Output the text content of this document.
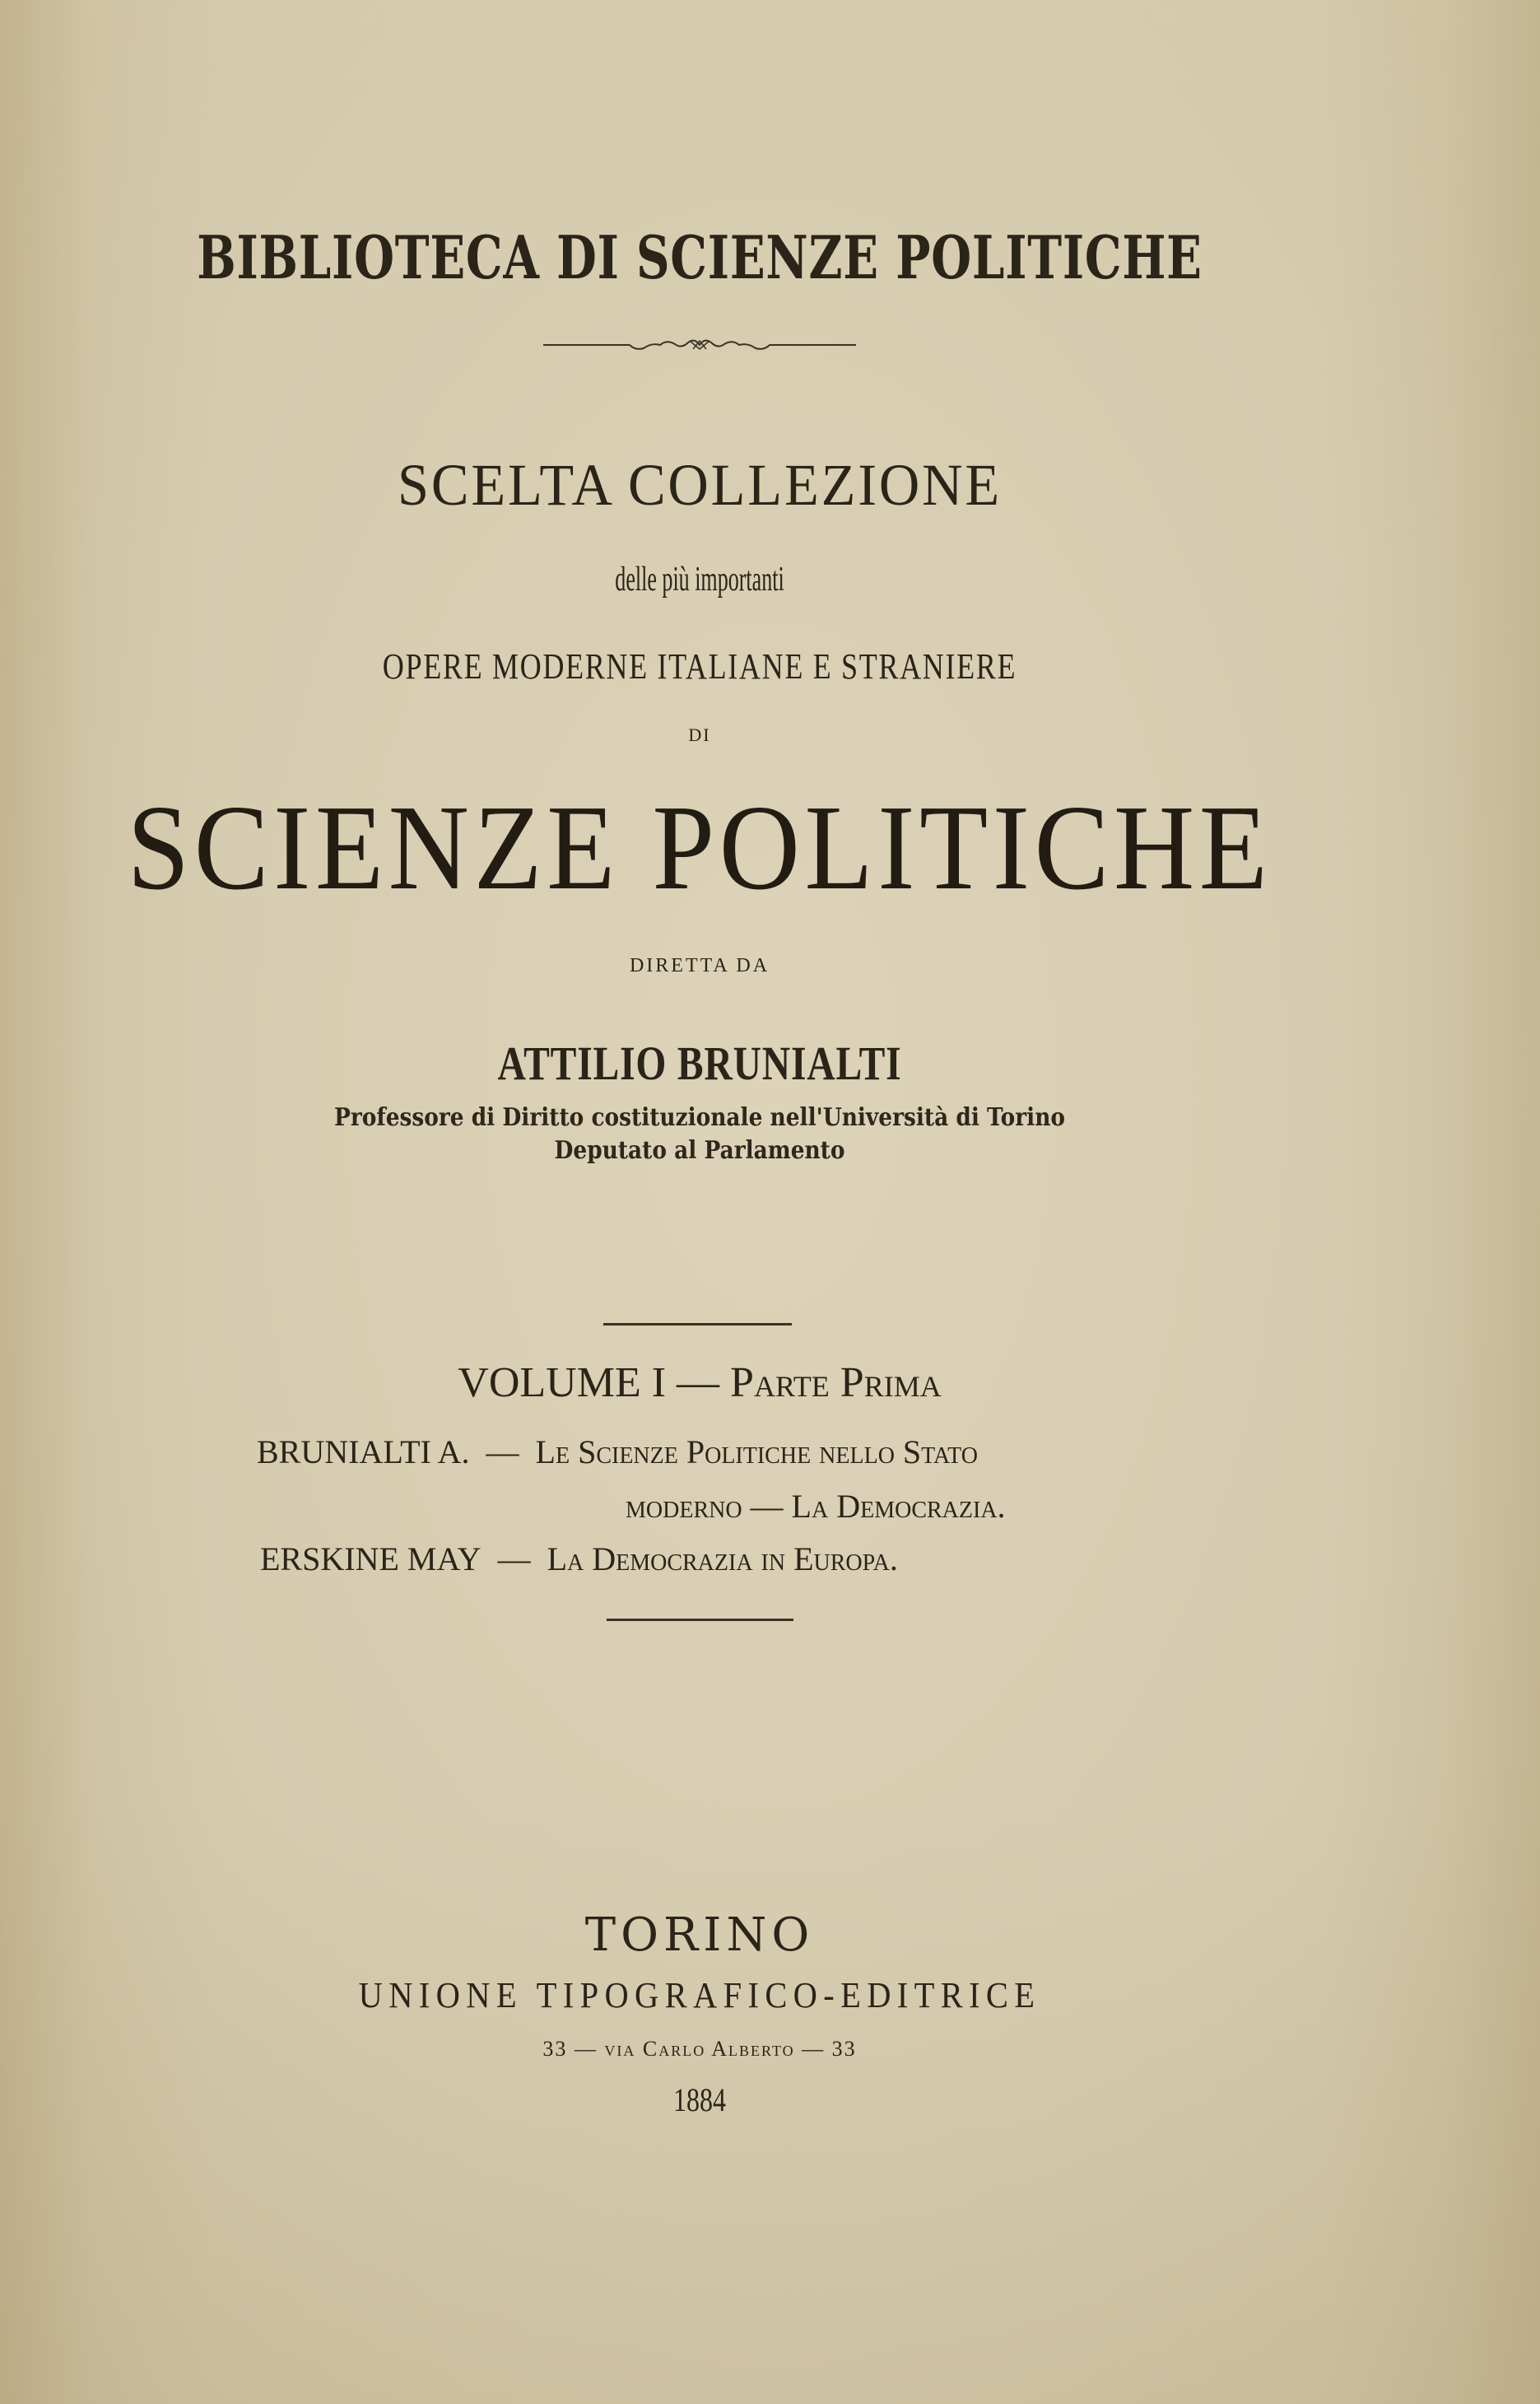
BIBLIOTECA DI SCIENZE POLITICHE
SCELTA COLLEZIONE
delle più importanti
OPERE MODERNE ITALIANE E STRANIERE
DI
SCIENZE POLITICHE
DIRETTA DA
ATTILIO BRUNIALTI
Professore di Diritto costituzionale nell'Università di Torino
Deputato al Parlamento
VOLUME I — Parte Prima
BRUNIALTI A. — Le Scienze Politiche nello Stato
moderno — La Democrazia.
ERSKINE MAY — La Democrazia in Europa.
TORINO
UNIONE TIPOGRAFICO-EDITRICE
33 — via Carlo Alberto — 33
1884
